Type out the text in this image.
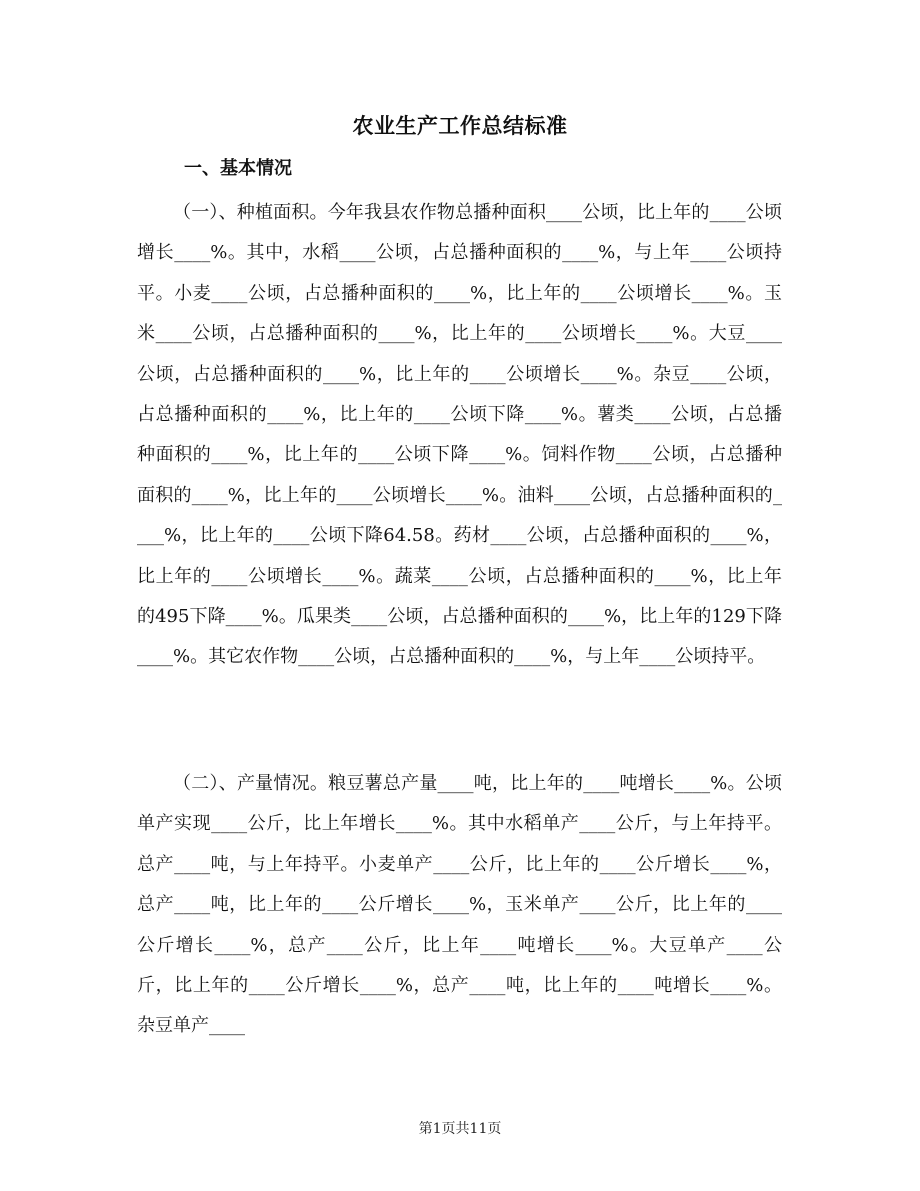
农业生产工作总结标准
一、基本情况
（一）、种植面积。今年我县农作物总播种面积____公顷，比上年的____公顷增长____%。其中，水稻____公顷，占总播种面积的____%，与上年____公顷持平。小麦____公顷，占总播种面积的____%，比上年的____公顷增长____%。玉米____公顷，占总播种面积的____%，比上年的____公顷增长____%。大豆____公顷，占总播种面积的____%，比上年的____公顷增长____%。杂豆____公顷，占总播种面积的____%，比上年的____公顷下降____%。薯类____公顷，占总播种面积的____%，比上年的____公顷下降____%。饲料作物____公顷，占总播种面积的____%，比上年的____公顷增长____%。油料____公顷，占总播种面积的____%，比上年的____公顷下降64.58。药材____公顷，占总播种面积的____%，比上年的____公顷增长____%。蔬菜____公顷，占总播种面积的____%，比上年的495下降____%。瓜果类____公顷，占总播种面积的____%，比上年的129下降____%。其它农作物____公顷，占总播种面积的____%，与上年____公顷持平。
（二）、产量情况。粮豆薯总产量____吨，比上年的____吨增长____%。公顷单产实现____公斤，比上年增长____%。其中水稻单产____公斤，与上年持平。总产____吨，与上年持平。小麦单产____公斤，比上年的____公斤增长____%，总产____吨，比上年的____公斤增长____%，玉米单产____公斤，比上年的____公斤增长____%，总产____公斤，比上年____吨增长____%。大豆单产____公斤，比上年的____公斤增长____%，总产____吨，比上年的____吨增长____%。杂豆单产____
第1页共11页
